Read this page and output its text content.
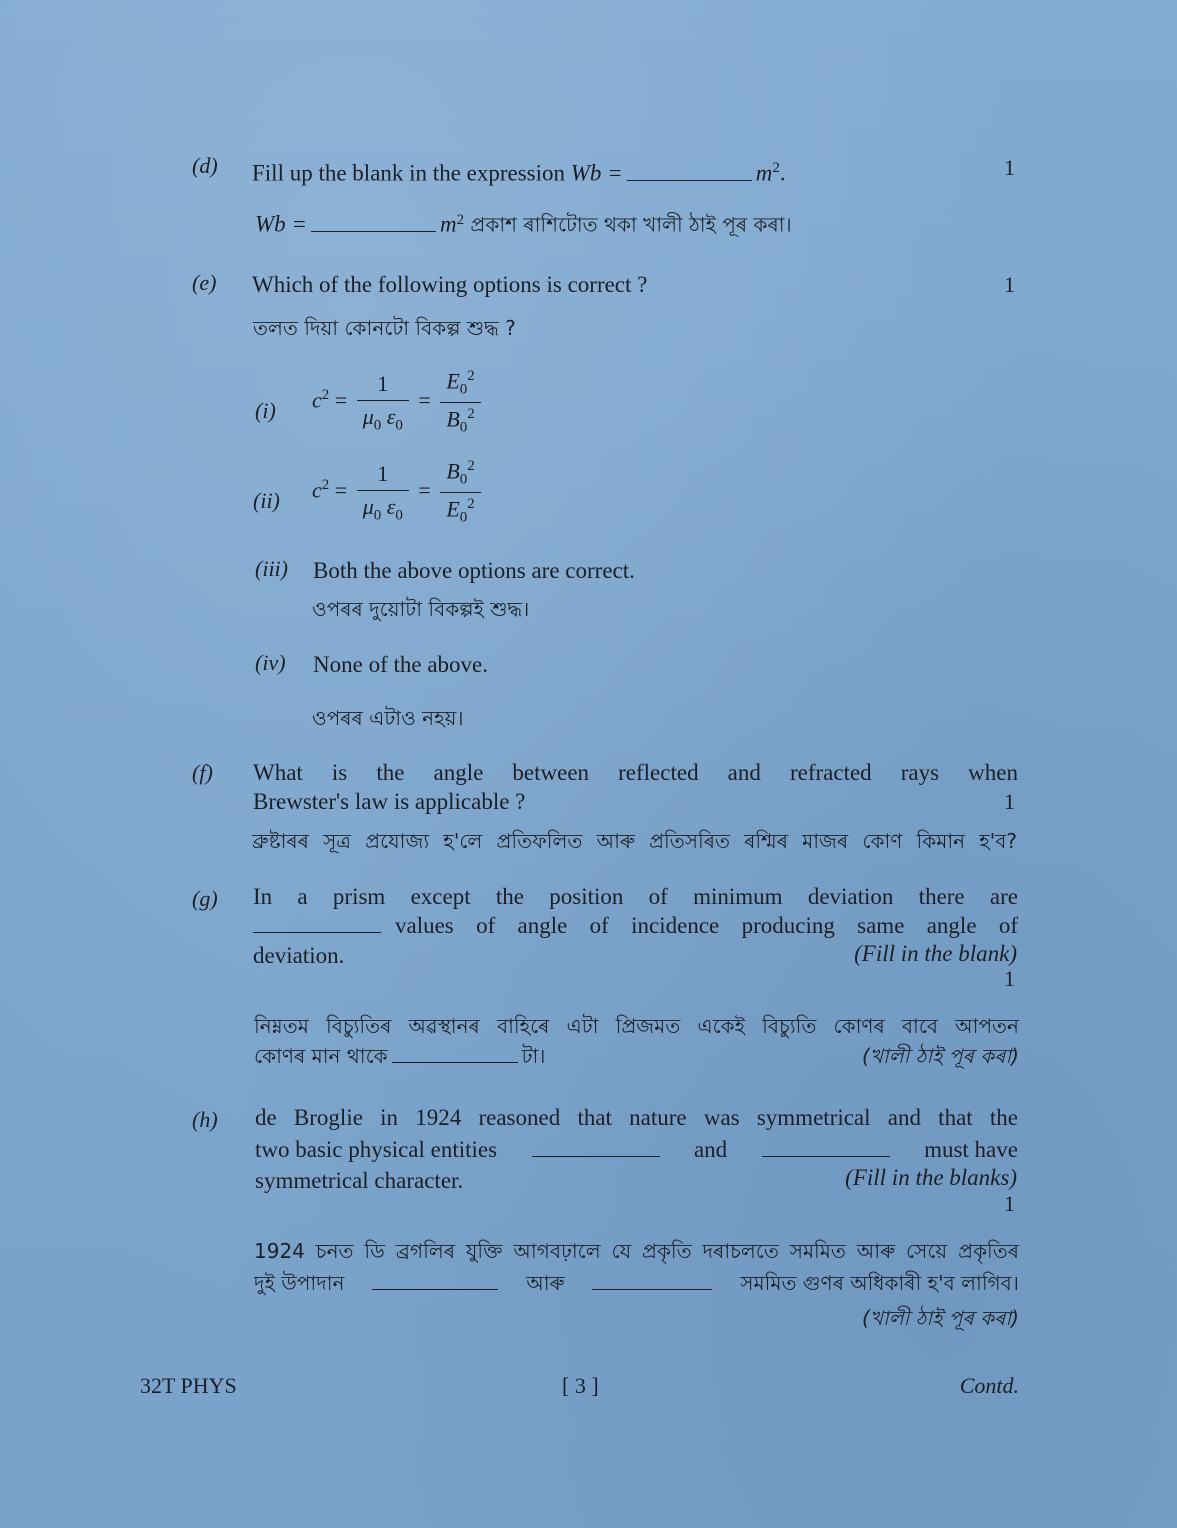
(d) Fill up the blank in the expression Wb =	$m^2$.	1
Wb =	$m^2$ প্ৰকাশ ৰাশিটোত থকা খালী ঠাই পূৰ কৰা।
(e) Which of the following options is correct ?	1
তলত দিয়া কোনটো বিকল্প শুদ্ধ ?
(i) $c^2 = \frac{1}{\mu_0 \varepsilon_0} = \frac{E_0^2}{B_0^2}$
(ii) $c^2 = \frac{1}{\mu_0 \varepsilon_0} = \frac{B_0^2}{E_0^2}$
(iii) Both the above options are correct.
ওপৰৰ দুয়োটা বিকল্পই শুদ্ধ।
(iv) None of the above.
ওপৰৰ এটাও নহয়।
(f) What is the angle between reflected and refracted rays when
Brewster's law is applicable ?	1
ব্ৰুষ্টাৰৰ সূত্ৰ প্ৰযোজ্য হ'লে প্ৰতিফলিত আৰু প্ৰতিসৰিত ৰশ্মিৰ মাজৰ কোণ কিমান হ'ব?
(g) In a prism except the position of minimum deviation there are
values of angle of incidence producing same angle of
deviation.	(Fill in the blank)
1
নিম্নতম বিচ্যুতিৰ অৱস্থানৰ বাহিৰে এটা প্ৰিজমত একেই বিচ্যুতি কোণৰ বাবে আপতন
কোণৰ মান থাকে	টা।	(খালী ঠাই পূৰ কৰা)
(h) de Broglie in 1924 reasoned that nature was symmetrical and that the
two basic physical entities	and	must have
symmetrical character.	(Fill in the blanks)
1
1924 চনত ডি ব্ৰগলিৰ যুক্তি আগবঢ়ালে যে প্ৰকৃতি দৰাচলতে সমমিত আৰু সেয়ে প্ৰকৃতিৰ
দুই উপাদান	আৰু	সমমিত গুণৰ অধিকাৰী হ'ব লাগিব।
(খালী ঠাই পূৰ কৰা)
32T PHYS	[ 3 ]	Contd.
